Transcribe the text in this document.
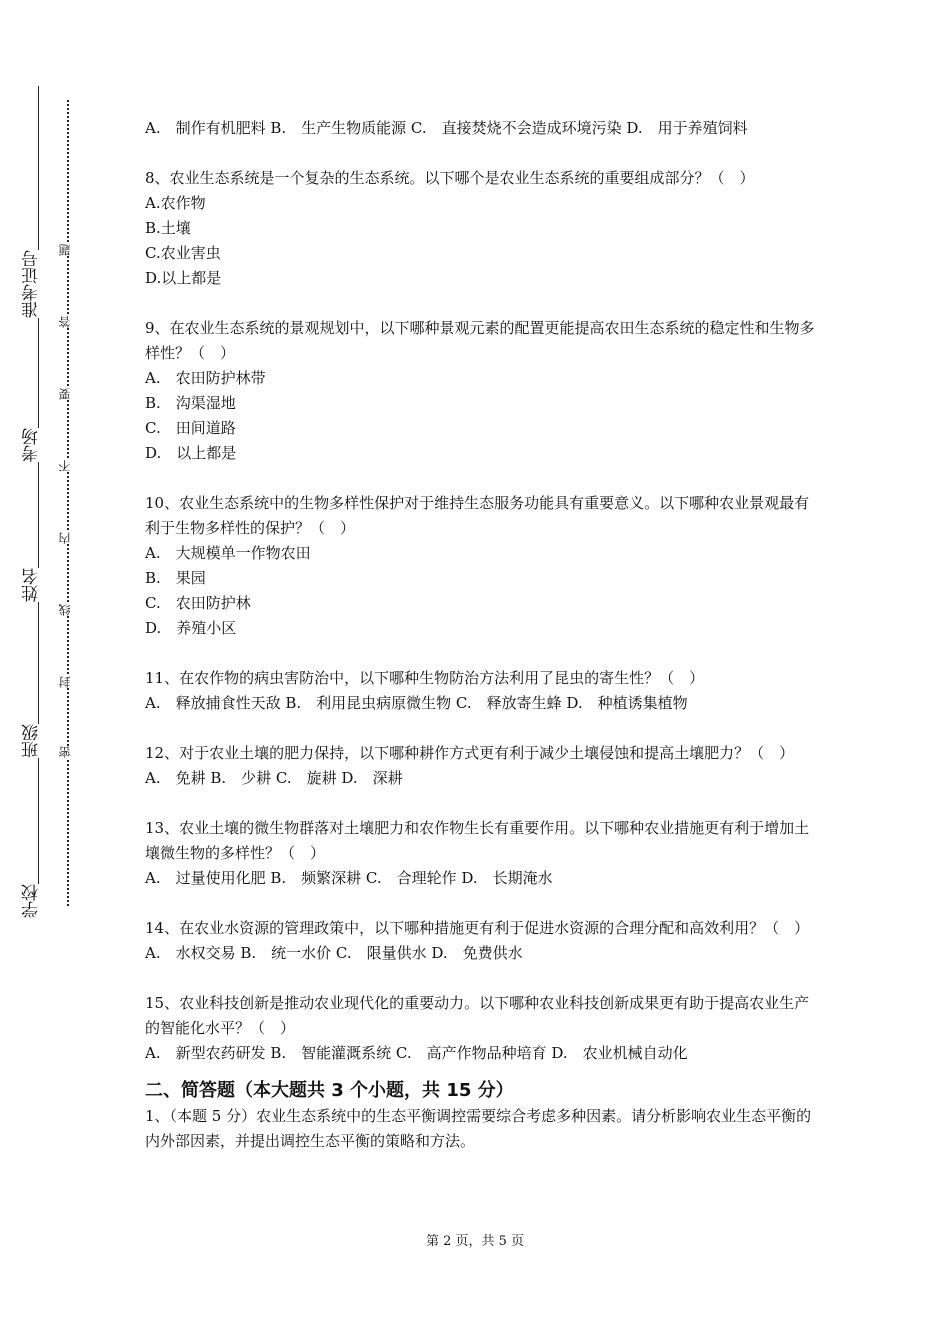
准考证号
考场
姓名
班级
学校
题
答
要
不
内
线
封
密

A.　制作有机肥料 B.　生产生物质能源 C.　直接焚烧不会造成环境污染 D.　用于养殖饲料

8、农业生态系统是一个复杂的生态系统。以下哪个是农业生态系统的重要组成部分？（　）

A.农作物

B.土壤

C.农业害虫

D.以上都是

9、在农业生态系统的景观规划中，以下哪种景观元素的配置更能提高农田生态系统的稳定性和生物多样性？（　）

A.　农田防护林带

B.　沟渠湿地

C.　田间道路

D.　以上都是

10、农业生态系统中的生物多样性保护对于维持生态服务功能具有重要意义。以下哪种农业景观最有利于生物多样性的保护？（　）

A.　大规模单一作物农田

B.　果园

C.　农田防护林

D.　养殖小区

11、在农作物的病虫害防治中，以下哪种生物防治方法利用了昆虫的寄生性？（　）

A.　释放捕食性天敌 B.　利用昆虫病原微生物 C.　释放寄生蜂 D.　种植诱集植物

12、对于农业土壤的肥力保持，以下哪种耕作方式更有利于减少土壤侵蚀和提高土壤肥力？（　）

A.　免耕 B.　少耕 C.　旋耕 D.　深耕

13、农业土壤的微生物群落对土壤肥力和农作物生长有重要作用。以下哪种农业措施更有利于增加土壤微生物的多样性？（　）

A.　过量使用化肥 B.　频繁深耕 C.　合理轮作 D.　长期淹水

14、在农业水资源的管理政策中，以下哪种措施更有利于促进水资源的合理分配和高效利用？（　）

A.　水权交易 B.　统一水价 C.　限量供水 D.　免费供水

15、农业科技创新是推动农业现代化的重要动力。以下哪种农业科技创新成果更有助于提高农业生产的智能化水平？（　）

A.　新型农药研发 B.　智能灌溉系统 C.　高产作物品种培育 D.　农业机械自动化

二、简答题（本大题共 3 个小题，共 15 分）

1、（本题 5 分）农业生态系统中的生态平衡调控需要综合考虑多种因素。请分析影响农业生态平衡的内外部因素，并提出调控生态平衡的策略和方法。

第 2 页，共 5 页
